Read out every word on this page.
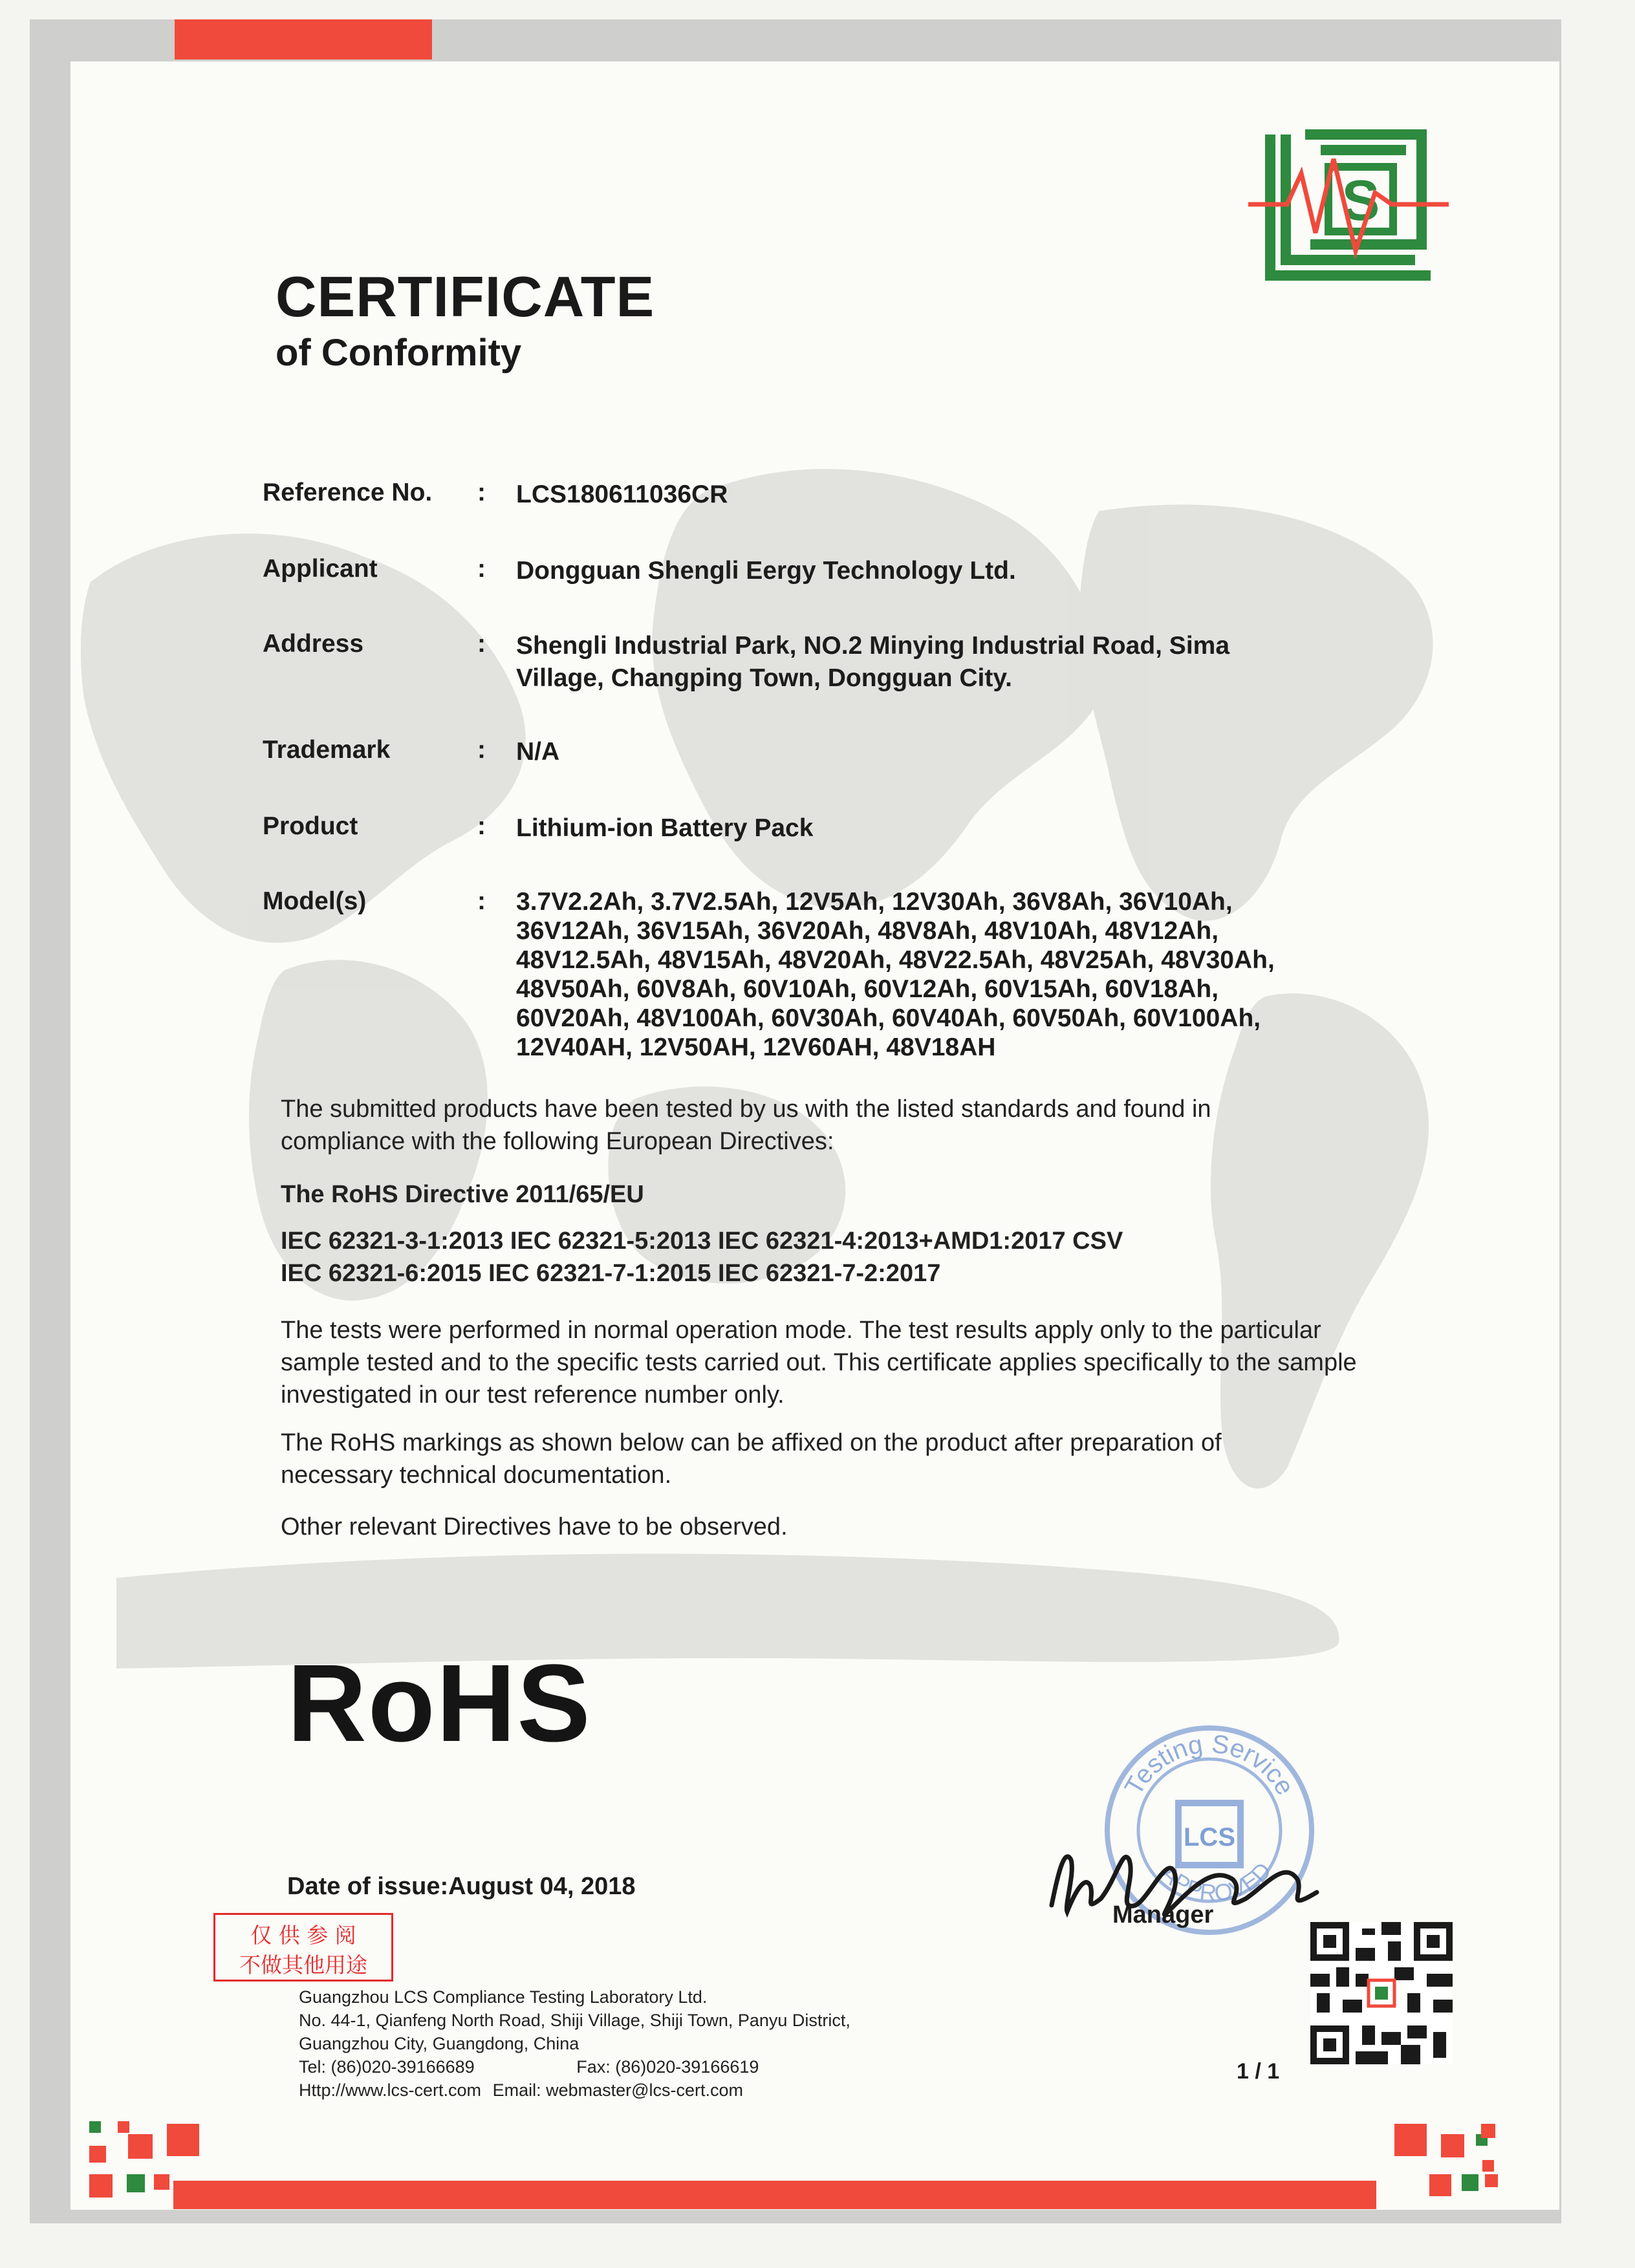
S
CERTIFICATE
of Conformity
Reference No.	: LCS180611036CR
Applicant	: Dongguan Shengli Eergy Technology Ltd.
Address	: Shengli Industrial Park, NO.2 Minying Industrial Road, Sima Village, Changping Town, Dongguan City.
Trademark	: N/A
Product	: Lithium-ion Battery Pack
Model(s)	: 3.7V2.2Ah, 3.7V2.5Ah, 12V5Ah, 12V30Ah, 36V8Ah, 36V10Ah, 36V12Ah, 36V15Ah, 36V20Ah, 48V8Ah, 48V10Ah, 48V12Ah, 48V12.5Ah, 48V15Ah, 48V20Ah, 48V22.5Ah, 48V25Ah, 48V30Ah, 48V50Ah, 60V8Ah, 60V10Ah, 60V12Ah, 60V15Ah, 60V18Ah, 60V20Ah, 48V100Ah, 60V30Ah, 60V40Ah, 60V50Ah, 60V100Ah, 12V40AH, 12V50AH, 12V60AH, 48V18AH
The submitted products have been tested by us with the listed standards and found in compliance with the following European Directives:
The RoHS Directive 2011/65/EU
IEC 62321-3-1:2013 IEC 62321-5:2013 IEC 62321-4:2013+AMD1:2017 CSV
IEC 62321-6:2015 IEC 62321-7-1:2015 IEC 62321-7-2:2017
The tests were performed in normal operation mode. The test results apply only to the particular sample tested and to the specific tests carried out. This certificate applies specifically to the sample investigated in our test reference number only.
The RoHS markings as shown below can be affixed on the product after preparation of necessary technical documentation.
Other relevant Directives have to be observed.
RoHS
Date of issue:August 04, 2018
仅 供 参 阅
不做其他用途
Testing Service
APPROVED
LCS
Manager
Guangzhou LCS Compliance Testing Laboratory Ltd.
No. 44-1, Qianfeng North Road, Shiji Village, Shiji Town, Panyu District,
Guangzhou City, Guangdong, China
Tel: (86)020-39166689	Fax: (86)020-39166619
Http://www.lcs-cert.com Email: webmaster@lcs-cert.com
1 / 1
